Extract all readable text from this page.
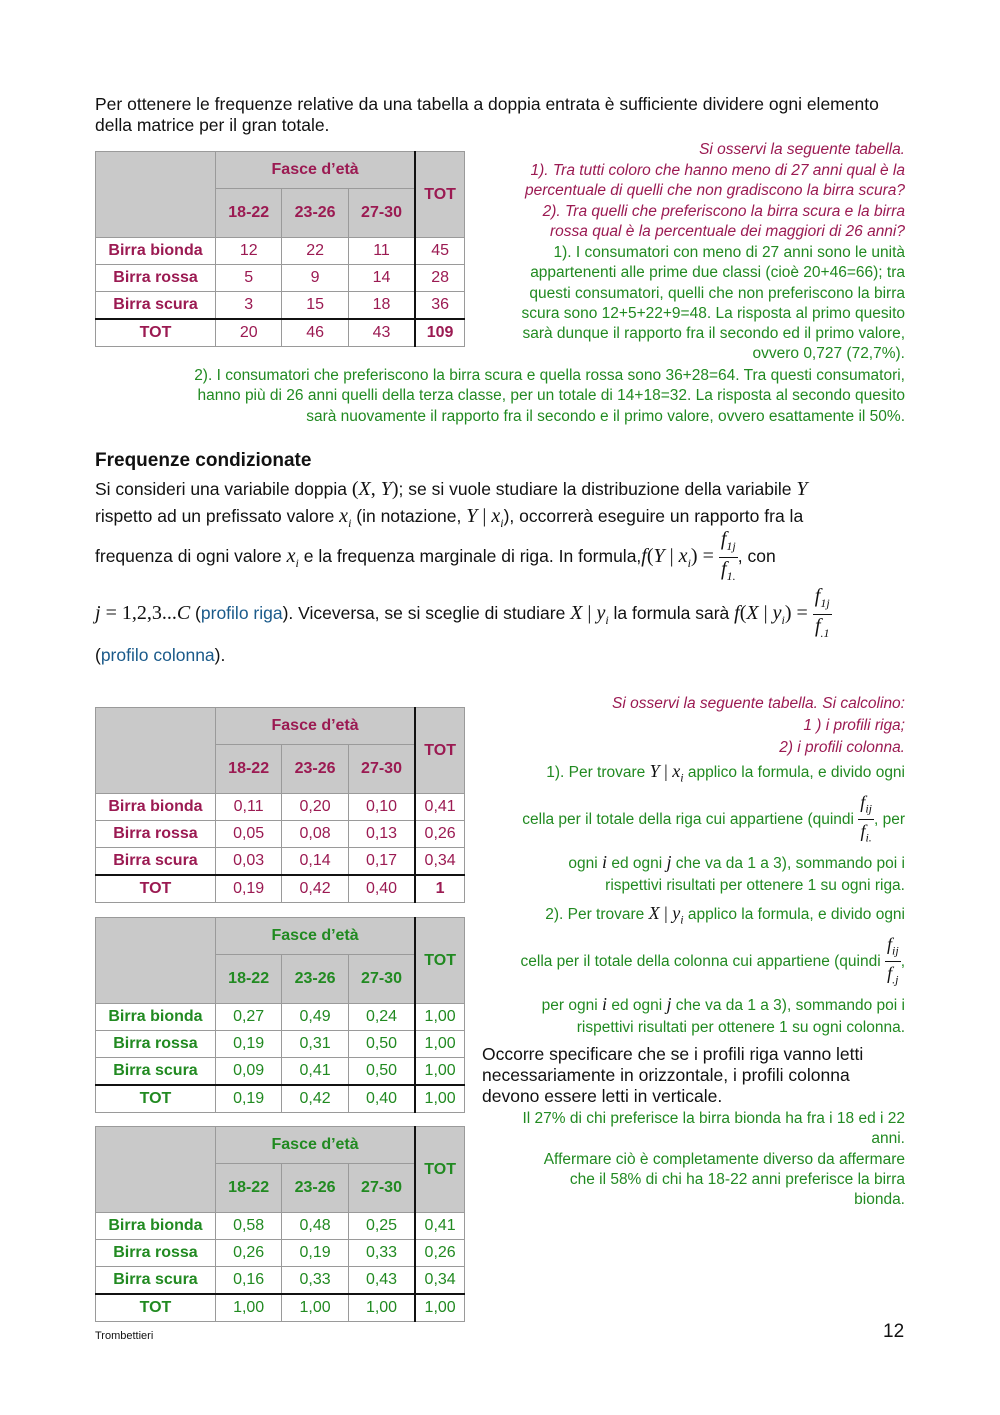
Per ottenere le frequenze relative da una tabella a doppia entrata è sufficiente dividere ogni elemento della matrice per il gran totale.
	Fasce d’età			TOT
	18-22	23-26	27-30	
Birra bionda	12	22	11	45
Birra rossa	5	9	14	28
Birra scura	3	15	18	36
TOT	20	46	43	109
Si osservi la seguente tabella.
1). Tra tutti coloro che hanno meno di 27 anni qual è la
percentuale di quelli che non gradiscono la birra scura?
2). Tra quelli che preferiscono la birra scura e la birra
rossa qual è la percentuale dei maggiori di 26 anni?
1). I consumatori con meno di 27 anni sono le unità
appartenenti alle prime due classi (cioè 20+46=66); tra
questi consumatori, quelli che non preferiscono la birra
scura sono 12+5+22+9=48. La risposta al primo quesito
sarà dunque il rapporto fra il secondo ed il primo valore,
ovvero 0,727 (72,7%).
2). I consumatori che preferiscono la birra scura e quella rossa sono 36+28=64. Tra questi consumatori,
hanno più di 26 anni quelli della terza classe, per un totale di 14+18=32. La risposta al secondo quesito
sarà nuovamente il rapporto fra il secondo e il primo valore, ovvero esattamente il 50%.
Frequenze condizionate
Si consideri una variabile doppia (X, Y); se si vuole studiare la distribuzione della variabile Y
rispetto ad un prefissato valore $x_i$ (in notazione, Y | $x_i$), occorrerà eseguire un rapporto fra la
frequenza di ogni valore $x_i$ e la frequenza marginale di riga. In formula,f(Y | $x_i) = \frac{f_{1j}}{f_{1.}}$ , con
j = 1,2,3...C (profilo riga). Viceversa, se si sceglie di studiare X | $y_i$ la formula sarà f(X | $y_i) = \frac{f_{1j}}{f_{.1}}$
(profilo colonna).
	Fasce d’età			TOT
	18-22	23-26	27-30	
Birra bionda	0,11	0,20	0,10	0,41
Birra rossa	0,05	0,08	0,13	0,26
Birra scura	0,03	0,14	0,17	0,34
TOT	0,19	0,42	0,40	1
	Fasce d’età			TOT
	18-22	23-26	27-30	
Birra bionda	0,27	0,49	0,24	1,00
Birra rossa	0,19	0,31	0,50	1,00
Birra scura	0,09	0,41	0,50	1,00
TOT	0,19	0,42	0,40	1,00
	Fasce d’età			TOT
	18-22	23-26	27-30	
Birra bionda	0,58	0,48	0,25	0,41
Birra rossa	0,26	0,19	0,33	0,26
Birra scura	0,16	0,33	0,43	0,34
TOT	1,00	1,00	1,00	1,00
Si osservi la seguente tabella. Si calcolino:
1 ) i profili riga;
2) i profili colonna.
1). Per trovare Y | $x_i$ applico la formula, e divido ogni
cella per il totale della riga cui appartiene (quindi $\frac{f_{ij}}{f_{i.}}$ , per
ogni i ed ogni j che va da 1 a 3), sommando poi i
rispettivi risultati per ottenere 1 su ogni riga.
2). Per trovare X | $y_i$ applico la formula, e divido ogni
cella per il totale della colonna cui appartiene (quindi $\frac{f_{ij}}{f_{.j}}$ ,
per ogni i ed ogni j che va da 1 a 3), sommando poi i
rispettivi risultati per ottenere 1 su ogni colonna.
Occorre specificare che se i profili riga vanno letti
necessariamente in orizzontale, i profili colonna
devono essere letti in verticale.
Il 27% di chi preferisce la birra bionda ha fra i 18 ed i 22
anni.
Affermare ciò è completamente diverso da affermare
che il 58% di chi ha 18-22 anni preferisce la birra
bionda.
Trombettieri	12
